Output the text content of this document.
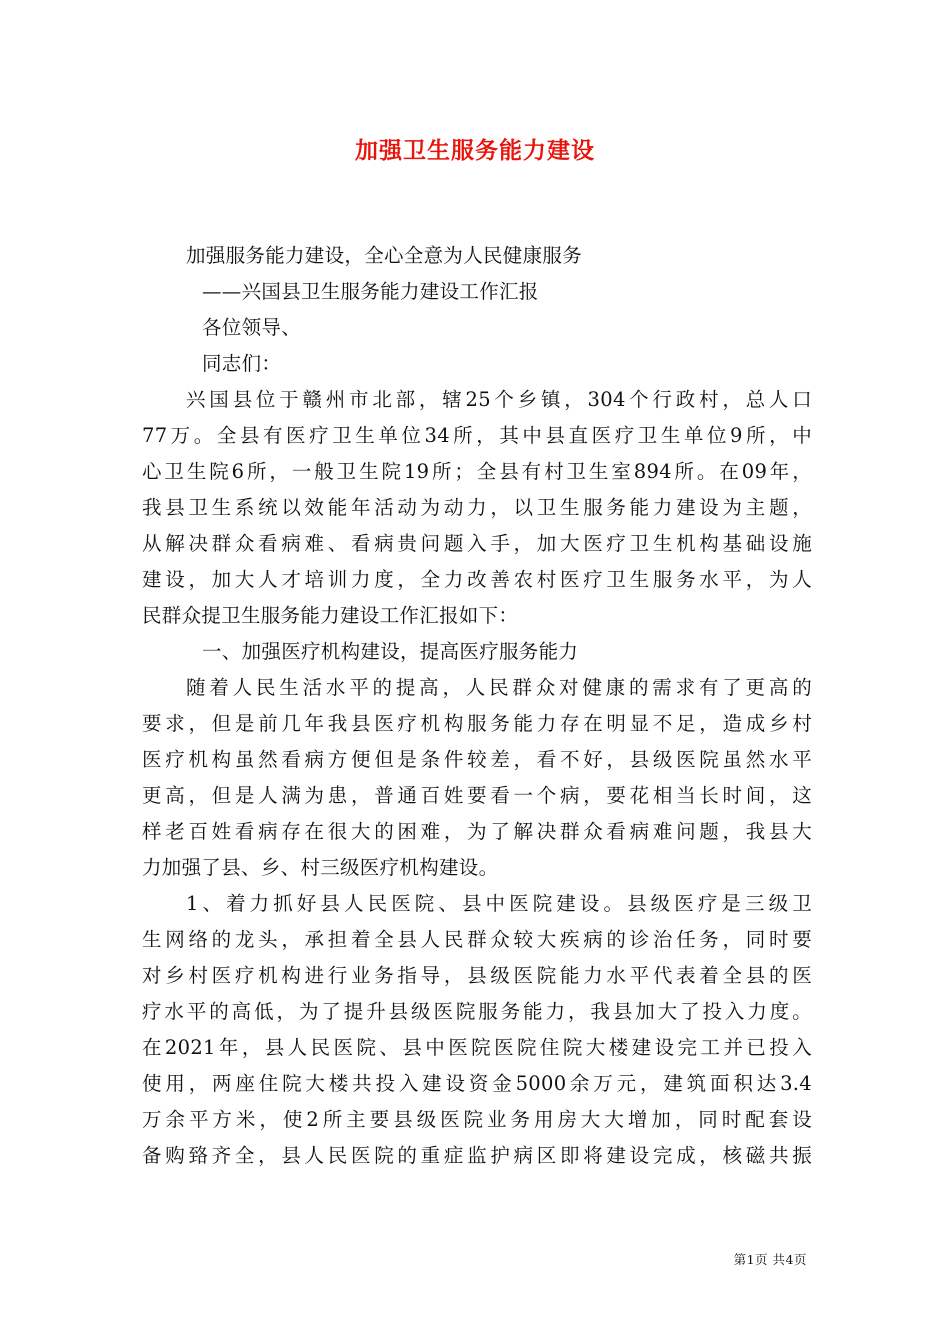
加强卫生服务能力建设
加强服务能力建设，全心全意为人民健康服务
——兴国县卫生服务能力建设工作汇报
各位领导、
同志们：
兴国县位于赣州市北部，辖25个乡镇，304个行政村，总人口
77万。全县有医疗卫生单位34所，其中县直医疗卫生单位9所，中
心卫生院6所，一般卫生院19所；全县有村卫生室894所。在09年，
我县卫生系统以效能年活动为动力，以卫生服务能力建设为主题，
从解决群众看病难、看病贵问题入手，加大医疗卫生机构基础设施
建设，加大人才培训力度，全力改善农村医疗卫生服务水平，为人
民群众提卫生服务能力建设工作汇报如下：
一、加强医疗机构建设，提高医疗服务能力
随着人民生活水平的提高，人民群众对健康的需求有了更高的
要求，但是前几年我县医疗机构服务能力存在明显不足，造成乡村
医疗机构虽然看病方便但是条件较差，看不好，县级医院虽然水平
更高，但是人满为患，普通百姓要看一个病，要花相当长时间，这
样老百姓看病存在很大的困难，为了解决群众看病难问题，我县大
力加强了县、乡、村三级医疗机构建设。
1、着力抓好县人民医院、县中医院建设。县级医疗是三级卫
生网络的龙头，承担着全县人民群众较大疾病的诊治任务，同时要
对乡村医疗机构进行业务指导，县级医院能力水平代表着全县的医
疗水平的高低，为了提升县级医院服务能力，我县加大了投入力度。
在2021年，县人民医院、县中医院医院住院大楼建设完工并已投入
使用，两座住院大楼共投入建设资金5000余万元，建筑面积达3.4
万余平方米，使2所主要县级医院业务用房大大增加，同时配套设
备购臵齐全，县人民医院的重症监护病区即将建设完成，核磁共振
第1页 共4页
